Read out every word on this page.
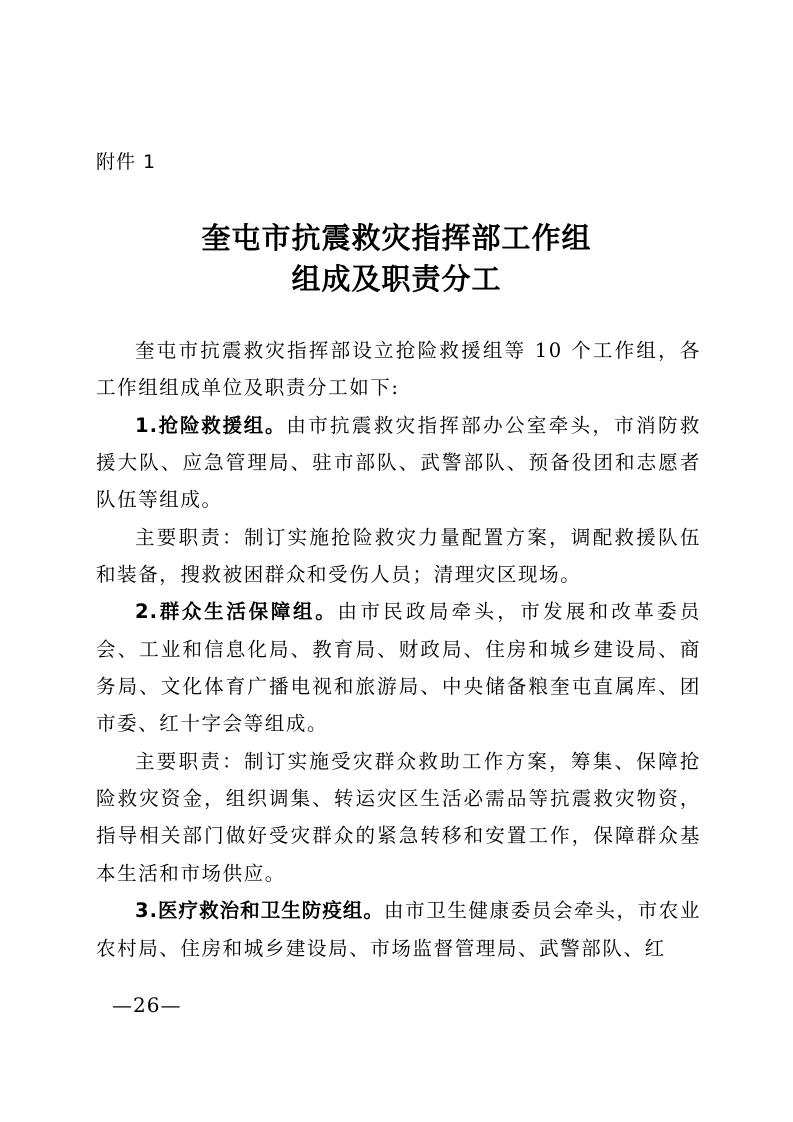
附件 1
奎屯市抗震救灾指挥部工作组
组成及职责分工

奎屯市抗震救灾指挥部设立抢险救援组等 10 个工作组，各工作组组成单位及职责分工如下:

1.抢险救援组。由市抗震救灾指挥部办公室牵头，市消防救援大队、应急管理局、驻市部队、武警部队、预备役团和志愿者队伍等组成。

主要职责：制订实施抢险救灾力量配置方案，调配救援队伍和装备，搜救被困群众和受伤人员；清理灾区现场。

2.群众生活保障组。由市民政局牵头，市发展和改革委员会、工业和信息化局、教育局、财政局、住房和城乡建设局、商务局、文化体育广播电视和旅游局、中央储备粮奎屯直属库、团市委、红十字会等组成。

主要职责：制订实施受灾群众救助工作方案，筹集、保障抢险救灾资金，组织调集、转运灾区生活必需品等抗震救灾物资，指导相关部门做好受灾群众的紧急转移和安置工作，保障群众基本生活和市场供应。

3.医疗救治和卫生防疫组。由市卫生健康委员会牵头，市农业农村局、住房和城乡建设局、市场监督管理局、武警部队、红

—26—
